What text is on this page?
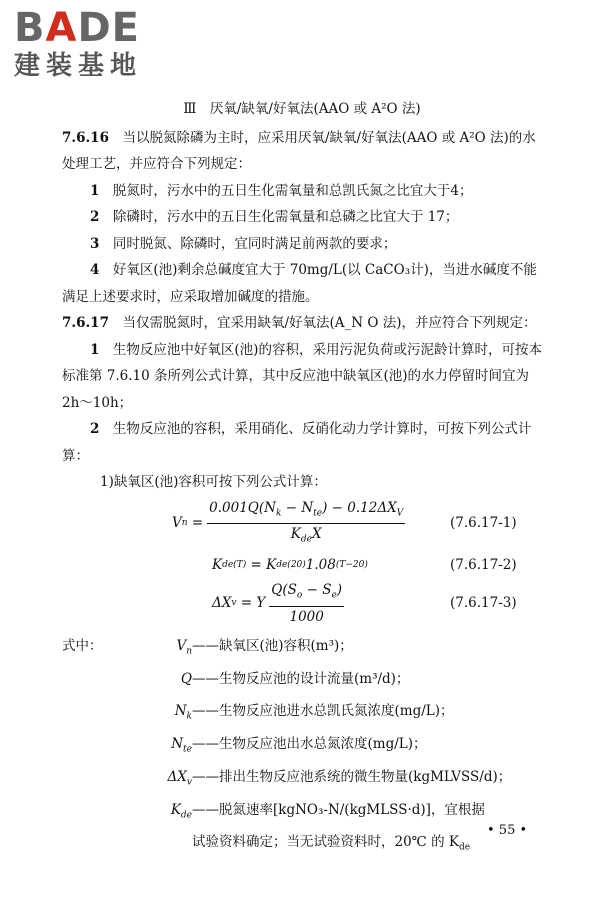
BADE
建装基地
Ⅲ　厌氧/缺氧/好氧法(AAO 或 A²O 法)

7.6.16　当以脱氮除磷为主时，应采用厌氧/缺氧/好氧法(AAO 或 A²O 法)的水处理工艺，并应符合下列规定：

1　脱氮时，污水中的五日生化需氧量和总凯氏氮之比宜大于4；

2　除磷时，污水中的五日生化需氧量和总磷之比宜大于 17；

3　同时脱氮、除磷时，宜同时满足前两款的要求；

4　好氧区(池)剩余总碱度宜大于 70mg/L(以 CaCO₃计)，当进水碱度不能满足上述要求时，应采取增加碱度的措施。

7.6.17　当仅需脱氮时，宜采用缺氧/好氧法(A_N O 法)，并应符合下列规定：

1　生物反应池中好氧区(池)的容积，采用污泥负荷或污泥龄计算时，可按本标准第 7.6.10 条所列公式计算，其中反应池中缺氧区(池)的水力停留时间宜为 2h～10h；

2　生物反应池的容积，采用硝化、反硝化动力学计算时，可按下列公式计算：

1)缺氧区(池)容积可按下列公式计算：

V $n = \frac{0.001Q(N_k - N_{te}) - 0.12\Delta X_V}{K_{de}X}$	(7.6.17-1)
K de(T) = K de(20) 1.08 (T−20)	(7.6.17-2)
ΔX v = Y $\frac{Q(S_o - S_e)}{1000}$	(7.6.17-3)
式中：	$V_n$ ——缺氧区(池)容积(m³)；
Q ——生物反应池的设计流量(m³/d)；
$N_k$ ——生物反应池进水总凯氏氮浓度(mg/L)；
$N_{te}$ ——生物反应池出水总氮浓度(mg/L)；
$\Delta X_v$ ——排出生物反应池系统的微生物量(kgMLVSS/d)；
$K_{de}$ ——脱氮速率[kgNO₃-N/(kgMLSS·d)]，宜根据
试验资料确定；当无试验资料时，20℃ 的 $K_{de}$
• 55 •
